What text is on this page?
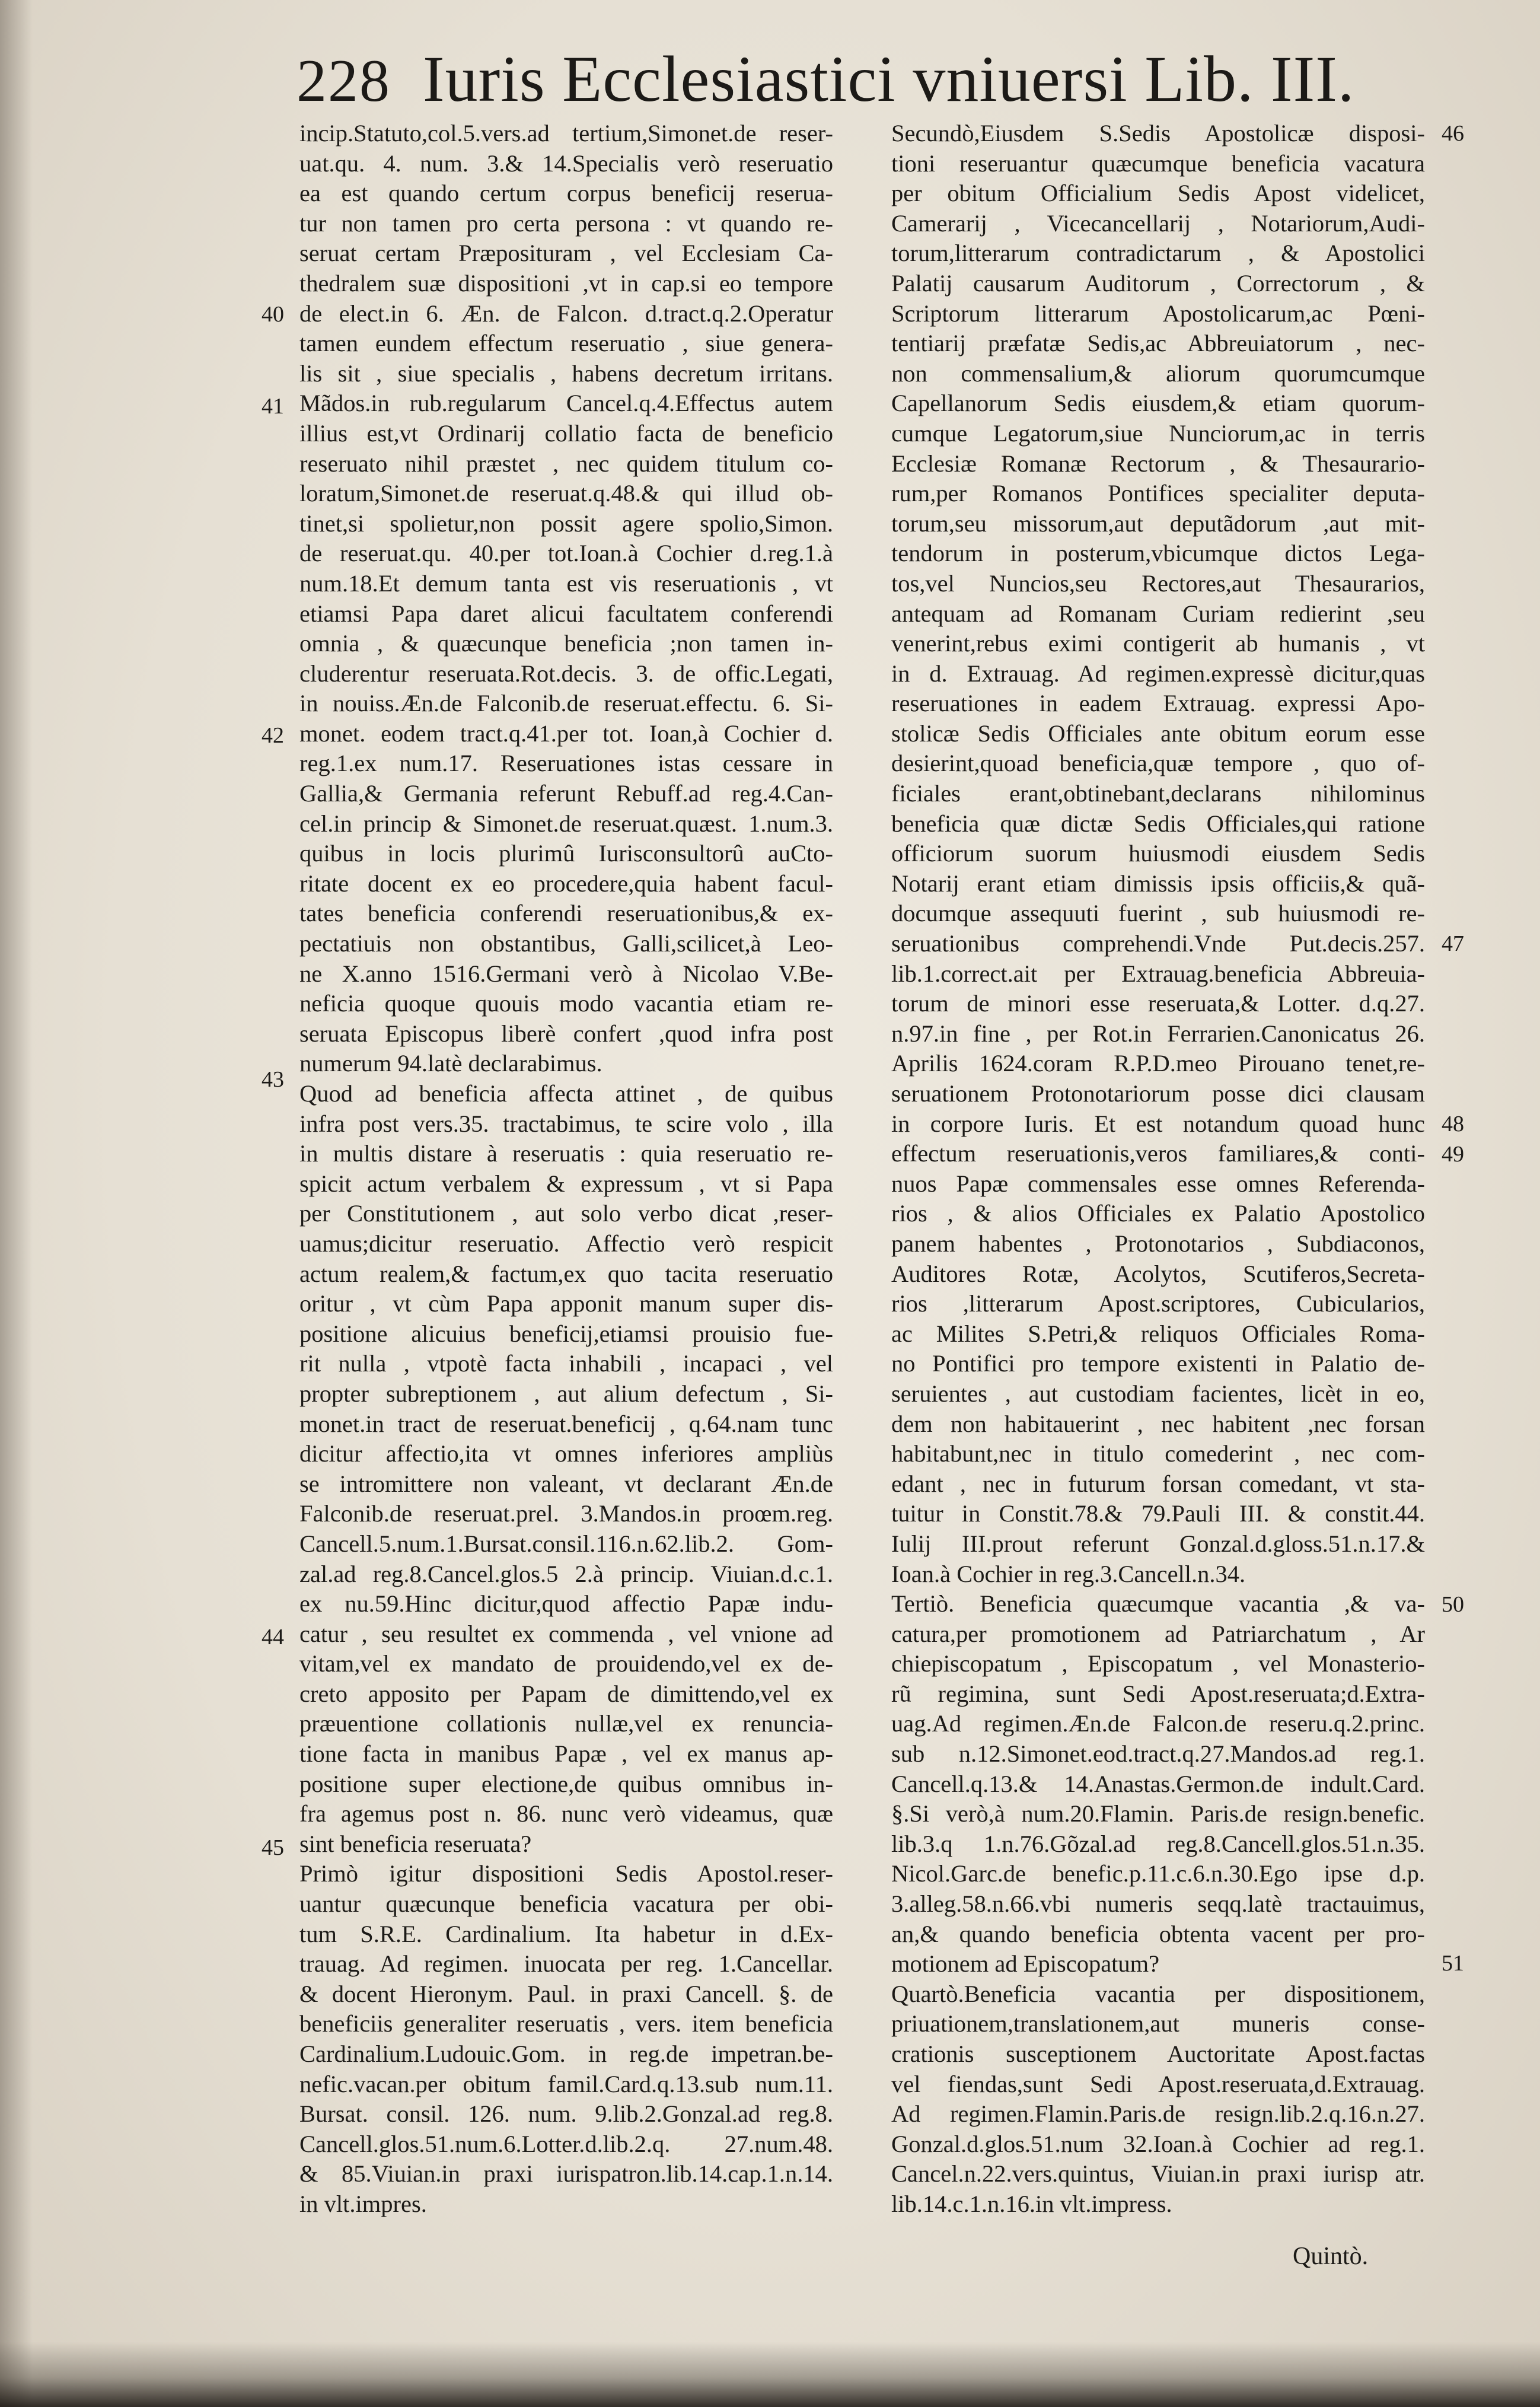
228 Iuris Ecclesiastici vniuersi Lib. III.
incip.Statuto,col.5.vers.ad tertium,Simonet.de reser-
uat.qu. 4. num. 3.& 14.Specialis verò reseruatio
ea est quando certum corpus beneficij reserua-
tur non tamen pro certa persona : vt quando re-
seruat certam Præposituram , vel Ecclesiam Ca-
thedralem suæ dispositioni ,vt in cap.si eo tempore
de elect.in 6. Æn. de Falcon. d.tract.q.2.Operatur
tamen eundem effectum reseruatio , siue genera-
lis sit , siue specialis , habens decretum irritans.
Mãdos.in rub.regularum Cancel.q.4.Effectus autem
illius est,vt Ordinarij collatio facta de beneficio
reseruato nihil præstet , nec quidem titulum co-
loratum,Simonet.de reseruat.q.48.& qui illud ob-
tinet,si spolietur,non possit agere spolio,Simon.
de reseruat.qu. 40.per tot.Ioan.à Cochier d.reg.1.à
num.18.Et demum tanta est vis reseruationis , vt
etiamsi Papa daret alicui facultatem conferendi
omnia , & quæcunque beneficia ;non tamen in-
cluderentur reseruata.Rot.decis. 3. de offic.Legati,
in nouiss.Æn.de Falconib.de reseruat.effectu. 6. Si-
monet. eodem tract.q.41.per tot. Ioan,à Cochier d.
reg.1.ex num.17. Reseruationes istas cessare in
Gallia,& Germania referunt Rebuff.ad reg.4.Can-
cel.in princip & Simonet.de reseruat.quæst. 1.num.3.
quibus in locis plurimû Iurisconsultorû auCto-
ritate docent ex eo procedere,quia habent facul-
tates beneficia conferendi reseruationibus,& ex-
pectatiuis non obstantibus, Galli,scilicet,à Leo-
ne X.anno 1516.Germani verò à Nicolao V.Be-
neficia quoque quouis modo vacantia etiam re-
seruata Episcopus liberè confert ,quod infra post
numerum 94.latè declarabimus.
Quod ad beneficia affecta attinet , de quibus
infra post vers.35. tractabimus, te scire volo , illa
in multis distare à reseruatis : quia reseruatio re-
spicit actum verbalem & expressum , vt si Papa
per Constitutionem , aut solo verbo dicat ,reser-
uamus;dicitur reseruatio. Affectio verò respicit
actum realem,& factum,ex quo tacita reseruatio
oritur , vt cùm Papa apponit manum super dis-
positione alicuius beneficij,etiamsi prouisio fue-
rit nulla , vtpotè facta inhabili , incapaci , vel
propter subreptionem , aut alium defectum , Si-
monet.in tract de reseruat.beneficij , q.64.nam tunc
dicitur affectio,ita vt omnes inferiores ampliùs
se intromittere non valeant, vt declarant Æn.de
Falconib.de reseruat.prel. 3.Mandos.in proœm.reg.
Cancell.5.num.1.Bursat.consil.116.n.62.lib.2. Gom-
zal.ad reg.8.Cancel.glos.5 2.à princip. Viuian.d.c.1.
ex nu.59.Hinc dicitur,quod affectio Papæ indu-
catur , seu resultet ex commenda , vel vnione ad
vitam,vel ex mandato de prouidendo,vel ex de-
creto apposito per Papam de dimittendo,vel ex
præuentione collationis nullæ,vel ex renuncia-
tione facta in manibus Papæ , vel ex manus ap-
positione super electione,de quibus omnibus in-
fra agemus post n. 86. nunc verò videamus, quæ
sint beneficia reseruata?
Primò igitur dispositioni Sedis Apostol.reser-
uantur quæcunque beneficia vacatura per obi-
tum S.R.E. Cardinalium. Ita habetur in d.Ex-
trauag. Ad regimen. inuocata per reg. 1.Cancellar.
& docent Hieronym. Paul. in praxi Cancell. §. de
beneficiis generaliter reseruatis , vers. item beneficia
Cardinalium.Ludouic.Gom. in reg.de impetran.be-
nefic.vacan.per obitum famil.Card.q.13.sub num.11.
Bursat. consil. 126. num. 9.lib.2.Gonzal.ad reg.8.
Cancell.glos.51.num.6.Lotter.d.lib.2.q. 27.num.48.
& 85.Viuian.in praxi iurispatron.lib.14.cap.1.n.14.
in vlt.impres.
Secundò,Eiusdem S.Sedis Apostolicæ disposi-
tioni reseruantur quæcumque beneficia vacatura
per obitum Officialium Sedis Apost videlicet,
Camerarij , Vicecancellarij , Notariorum,Audi-
torum,litterarum contradictarum , & Apostolici
Palatij causarum Auditorum , Correctorum , &
Scriptorum litterarum Apostolicarum,ac Pœni-
tentiarij præfatæ Sedis,ac Abbreuiatorum , nec-
non commensalium,& aliorum quorumcumque
Capellanorum Sedis eiusdem,& etiam quorum-
cumque Legatorum,siue Nunciorum,ac in terris
Ecclesiæ Romanæ Rectorum , & Thesaurario-
rum,per Romanos Pontifices specialiter deputa-
torum,seu missorum,aut deputãdorum ,aut mit-
tendorum in posterum,vbicumque dictos Lega-
tos,vel Nuncios,seu Rectores,aut Thesaurarios,
antequam ad Romanam Curiam redierint ,seu
venerint,rebus eximi contigerit ab humanis , vt
in d. Extrauag. Ad regimen.expressè dicitur,quas
reseruationes in eadem Extrauag. expressi Apo-
stolicæ Sedis Officiales ante obitum eorum esse
desierint,quoad beneficia,quæ tempore , quo of-
ficiales erant,obtinebant,declarans nihilominus
beneficia quæ dictæ Sedis Officiales,qui ratione
officiorum suorum huiusmodi eiusdem Sedis
Notarij erant etiam dimissis ipsis officiis,& quã-
documque assequuti fuerint , sub huiusmodi re-
seruationibus comprehendi.Vnde Put.decis.257.
lib.1.correct.ait per Extrauag.beneficia Abbreuia-
torum de minori esse reseruata,& Lotter. d.q.27.
n.97.in fine , per Rot.in Ferrarien.Canonicatus 26.
Aprilis 1624.coram R.P.D.meo Pirouano tenet,re-
seruationem Protonotariorum posse dici clausam
in corpore Iuris. Et est notandum quoad hunc
effectum reseruationis,veros familiares,& conti-
nuos Papæ commensales esse omnes Referenda-
rios , & alios Officiales ex Palatio Apostolico
panem habentes , Protonotarios , Subdiaconos,
Auditores Rotæ, Acolytos, Scutiferos,Secreta-
rios ,litterarum Apost.scriptores, Cubicularios,
ac Milites S.Petri,& reliquos Officiales Roma-
no Pontifici pro tempore existenti in Palatio de-
seruientes , aut custodiam facientes, licèt in eo,
dem non habitauerint , nec habitent ,nec forsan
habitabunt,nec in titulo comederint , nec com-
edant , nec in futurum forsan comedant, vt sta-
tuitur in Constit.78.& 79.Pauli III. & constit.44.
Iulij III.prout referunt Gonzal.d.gloss.51.n.17.&
Ioan.à Cochier in reg.3.Cancell.n.34.
Tertiò. Beneficia quæcumque vacantia ,& va-
catura,per promotionem ad Patriarchatum , Ar
chiepiscopatum , Episcopatum , vel Monasterio-
rũ regimina, sunt Sedi Apost.reseruata;d.Extra-
uag.Ad regimen.Æn.de Falcon.de reseru.q.2.princ.
sub n.12.Simonet.eod.tract.q.27.Mandos.ad reg.1.
Cancell.q.13.& 14.Anastas.Germon.de indult.Card.
§.Si verò,à num.20.Flamin. Paris.de resign.benefic.
lib.3.q 1.n.76.Gõzal.ad reg.8.Cancell.glos.51.n.35.
Nicol.Garc.de benefic.p.11.c.6.n.30.Ego ipse d.p.
3.alleg.58.n.66.vbi numeris seqq.latè tractauimus,
an,& quando beneficia obtenta vacent per pro-
motionem ad Episcopatum?
Quartò.Beneficia vacantia per dispositionem,
priuationem,translationem,aut muneris conse-
crationis susceptionem Auctoritate Apost.factas
vel fiendas,sunt Sedi Apost.reseruata,d.Extrauag.
Ad regimen.Flamin.Paris.de resign.lib.2.q.16.n.27.
Gonzal.d.glos.51.num 32.Ioan.à Cochier ad reg.1.
Cancel.n.22.vers.quintus, Viuian.in praxi iurisp atr.
lib.14.c.1.n.16.in vlt.impress.
40
41
42
43
44
45
46
47
48
49
50
51
Quintò.
